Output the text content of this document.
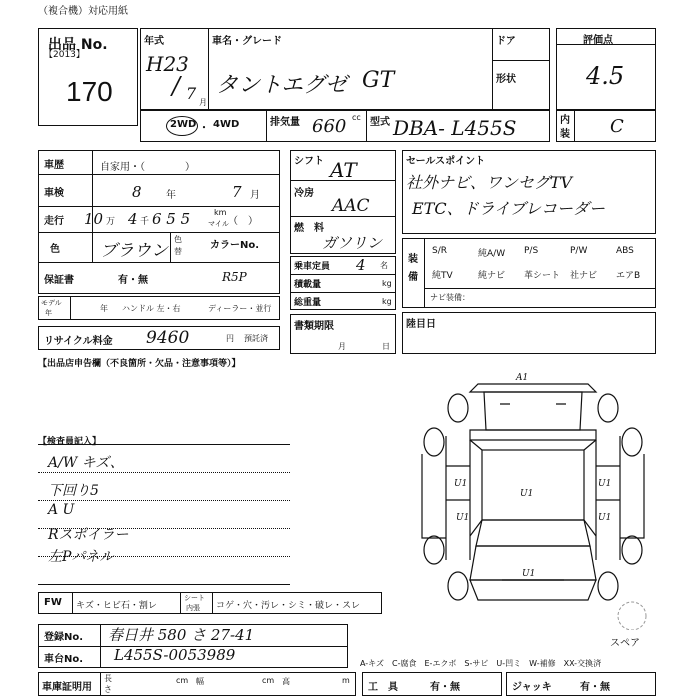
（複合機）対応用紙
出品 No.
【2013】
170
年式
H23
/ 7 月
車名・グレード
タントエグゼ GT
ドア
形状
評価点
4.5
2WD ・ 4WD	排気量 660 cc 型式 DBA- L455S	内
装 C
車歴	自家用・（　　　　）
車検	8 年	7 月
走行 10 万 4 千 6 5 5	km
マイル （　）
色 ブラウン
色
替
カラーNo.
保証書	有・無	R5P
モデル
年	年 ハンドル 左・右	ディーラー・並行
リサイクル料金 9460	円 預託済
【出品店申告欄（不良箇所・欠品・注意事項等）】
シフト AT
冷房
AAC
燃 料
ガソリン
乗車定員 4 名
積載量	kg
総重量	kg
書類期限
月	日
セールスポイント
社外ナビ、ワンセグTV
ETC、ドライブレコーダー
装
備
ナビ装備：
陸目日
【検査員記入】
A/W キズ、
下回り5
A U
Rスポイラー
左Pパネル
A1
U1
U1
U1
U1
U1
U1
スペア
FW キズ・ヒビ石・割レ
シート
内張 コゲ・穴・汚レ・シミ・破レ・スレ
登録No. 春日井 580 さ 27-41
車台No. L455S-0053989	A-キズ　C-腐食　E-エクボ　S-サビ　U-凹ミ　W-補修　XX-交換済
車庫証明用
長
さ
cm 幅	cm 高	m
工　具	有・無	ジャッキ	有・無
S/R	純A/W P/S	P/W	ABS
純TV	純ナビ 革シート 社ナビ エアB
